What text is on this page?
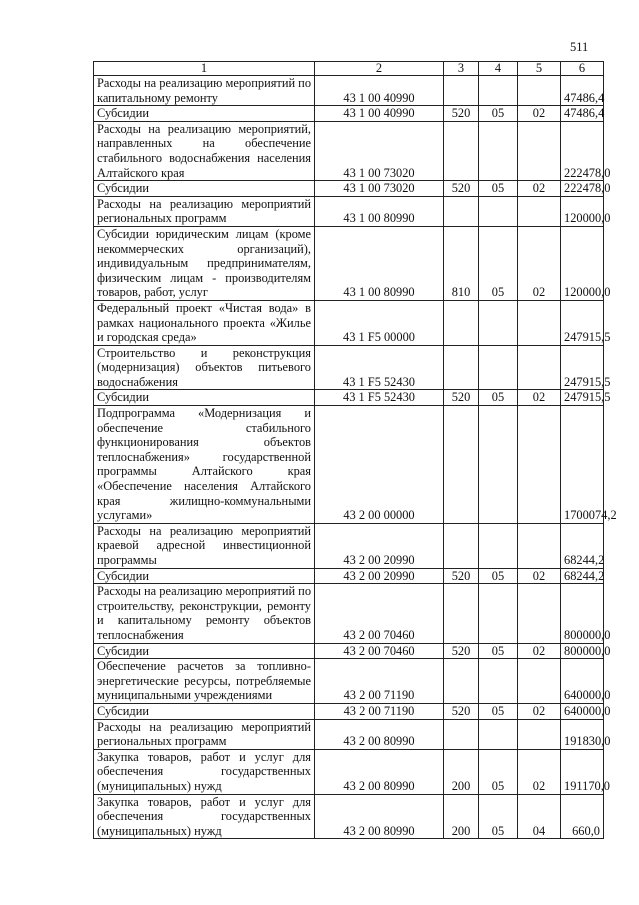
511
1	2	3	4	5	6
Расходы на реализацию мероприятий по капитальному ремонту	43 1 00 40990				47486,4
Субсидии	43 1 00 40990	520	05	02	47486,4
Расходы на реализацию мероприятий, направленных на обеспечение стабильного водоснабжения населения Алтайского края	43 1 00 73020				222478,0
Субсидии	43 1 00 73020	520	05	02	222478,0
Расходы на реализацию мероприятий региональных программ	43 1 00 80990				120000,0
Субсидии юридическим лицам (кроме некоммерческих организаций), индивидуальным предпринимателям, физическим лицам - производителям товаров, работ, услуг	43 1 00 80990	810	05	02	120000,0
Федеральный проект «Чистая вода» в рамках национального проекта «Жилье и городская среда»	43 1 F5 00000				247915,5
Строительство и реконструкция (модернизация) объектов питьевого водоснабжения	43 1 F5 52430				247915,5
Субсидии	43 1 F5 52430	520	05	02	247915,5
Подпрограмма «Модернизация и обеспечение стабильного функционирования объектов теплоснабжения» государственной программы Алтайского края «Обеспечение населения Алтайского края жилищно-коммунальными услугами»	43 2 00 00000				1700074,2
Расходы на реализацию мероприятий краевой адресной инвестиционной программы	43 2 00 20990				68244,2
Субсидии	43 2 00 20990	520	05	02	68244,2
Расходы на реализацию мероприятий по строительству, реконструкции, ремонту и капитальному ремонту объектов теплоснабжения	43 2 00 70460				800000,0
Субсидии	43 2 00 70460	520	05	02	800000,0
Обеспечение расчетов за топливно-энергетические ресурсы, потребляемые муниципальными учреждениями	43 2 00 71190				640000,0
Субсидии	43 2 00 71190	520	05	02	640000,0
Расходы на реализацию мероприятий региональных программ	43 2 00 80990				191830,0
Закупка товаров, работ и услуг для обеспечения государственных (муниципальных) нужд	43 2 00 80990	200	05	02	191170,0
Закупка товаров, работ и услуг для обеспечения государственных (муниципальных) нужд	43 2 00 80990	200	05	04	660,0
